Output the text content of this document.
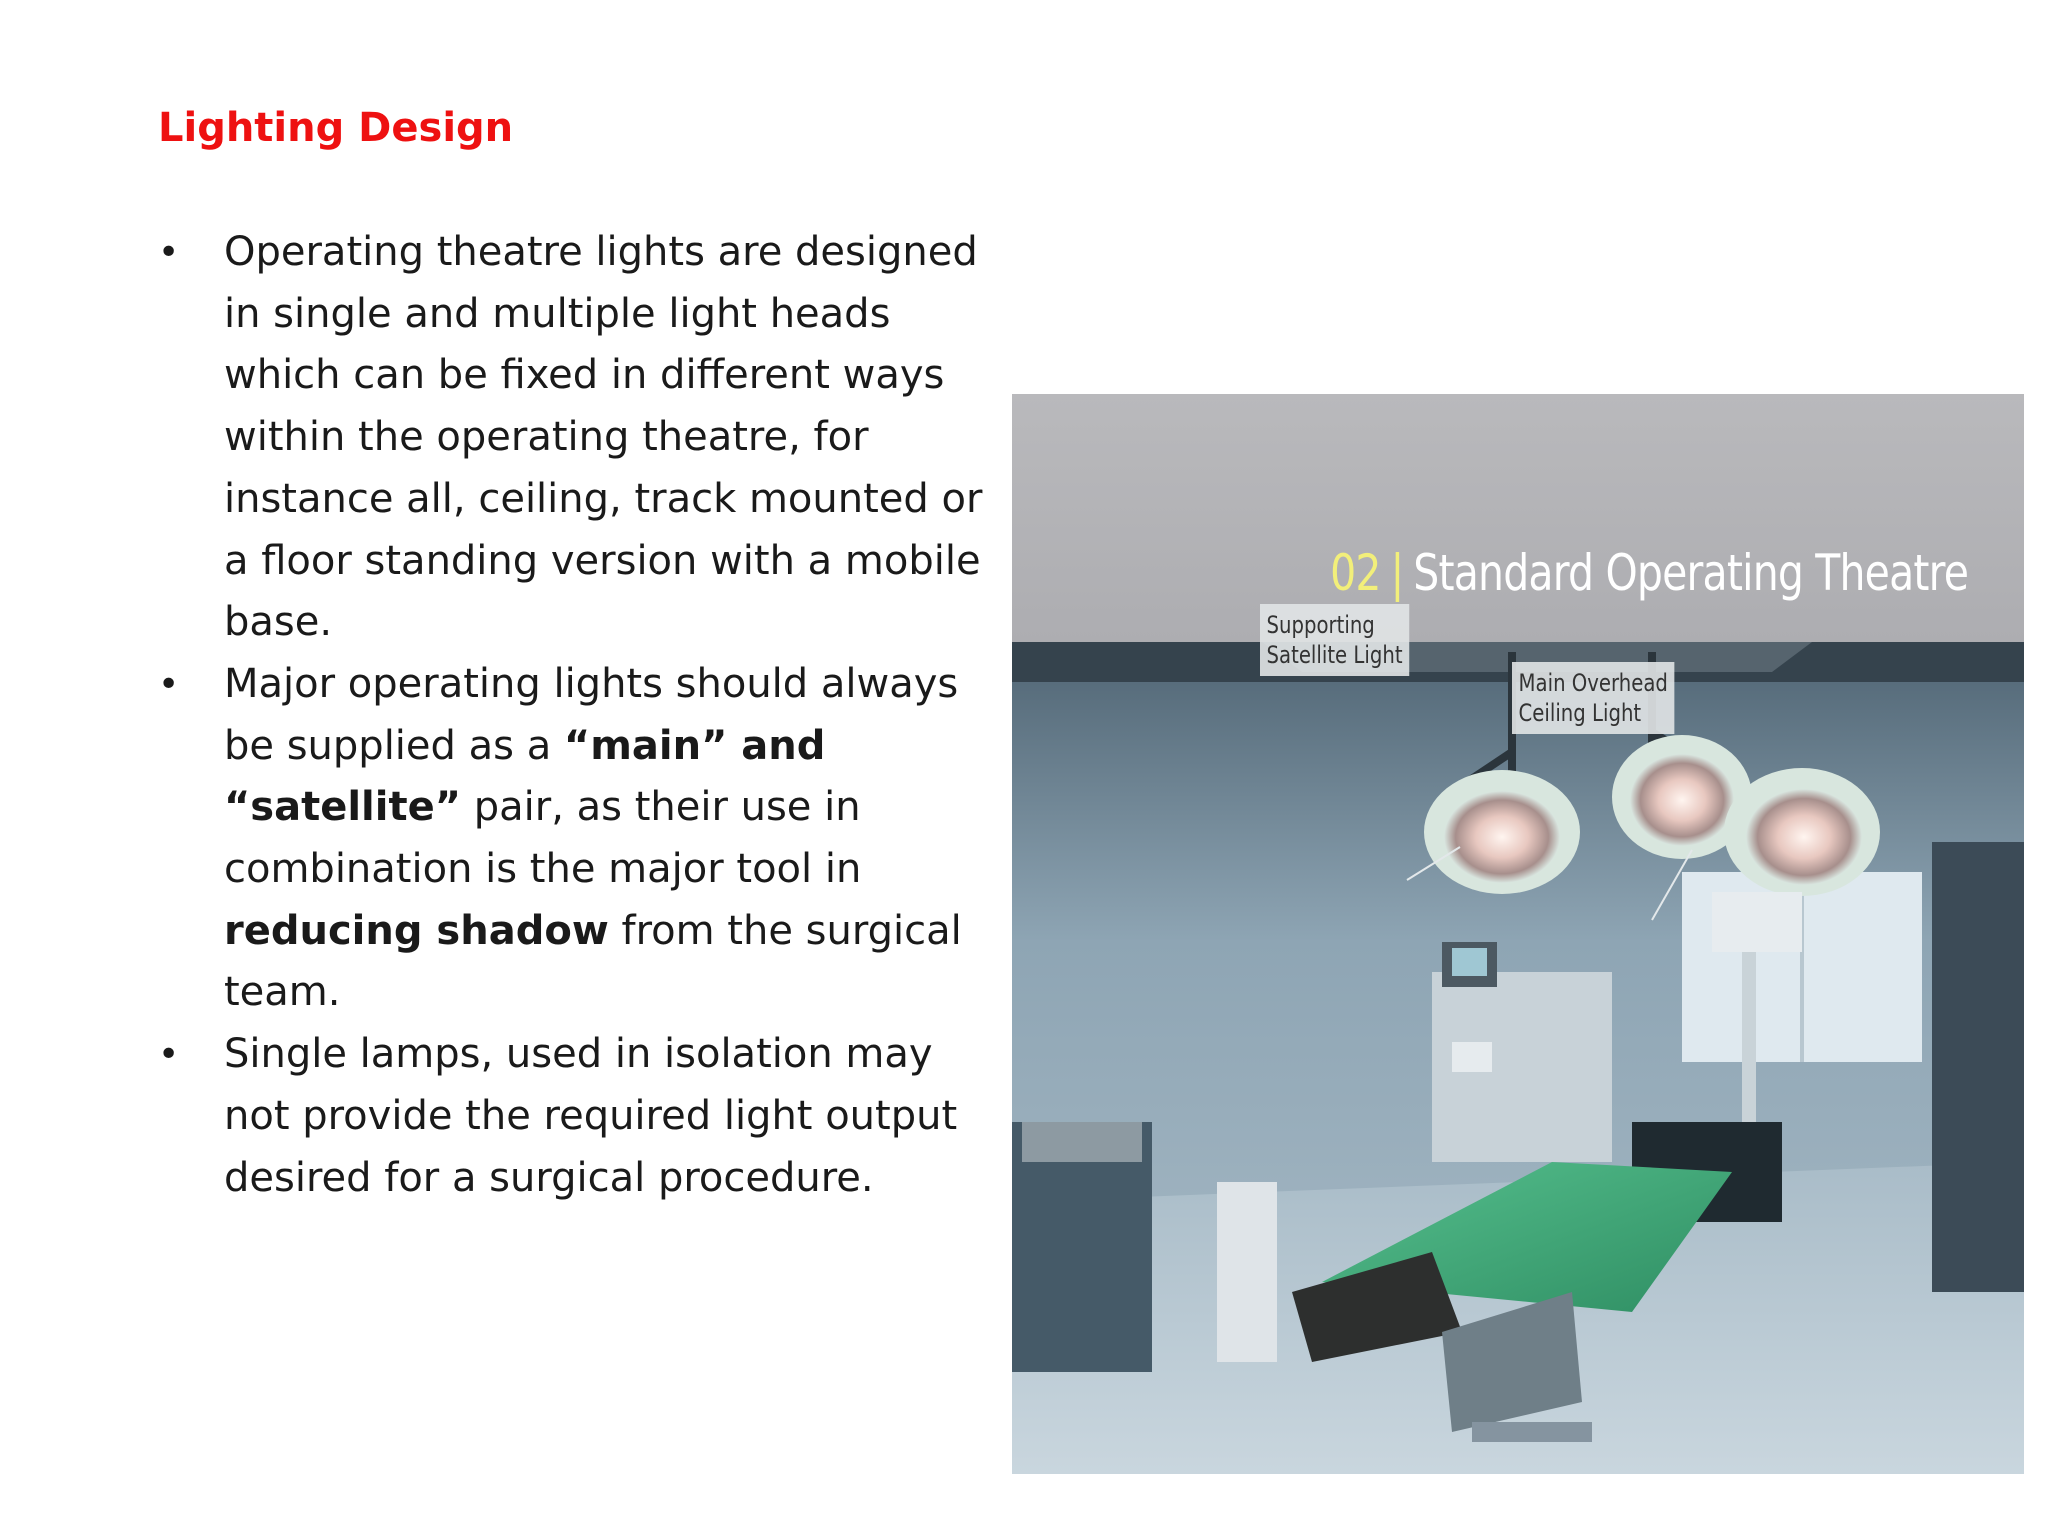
Lighting Design
• Operating theatre lights are designed in single and multiple light heads which can be fixed in different ways within the operating theatre, for instance all, ceiling, track mounted or a floor standing version with a mobile base.
• Major operating lights should always be supplied as a “main” and “satellite” pair, as their use in combination is the major tool in reducing shadow from the surgical team.
• Single lamps, used in isolation may not provide the required light output desired for a surgical procedure.
02 | Standard Operating Theatre
Supporting
Satellite Light
Main Overhead
Ceiling Light
